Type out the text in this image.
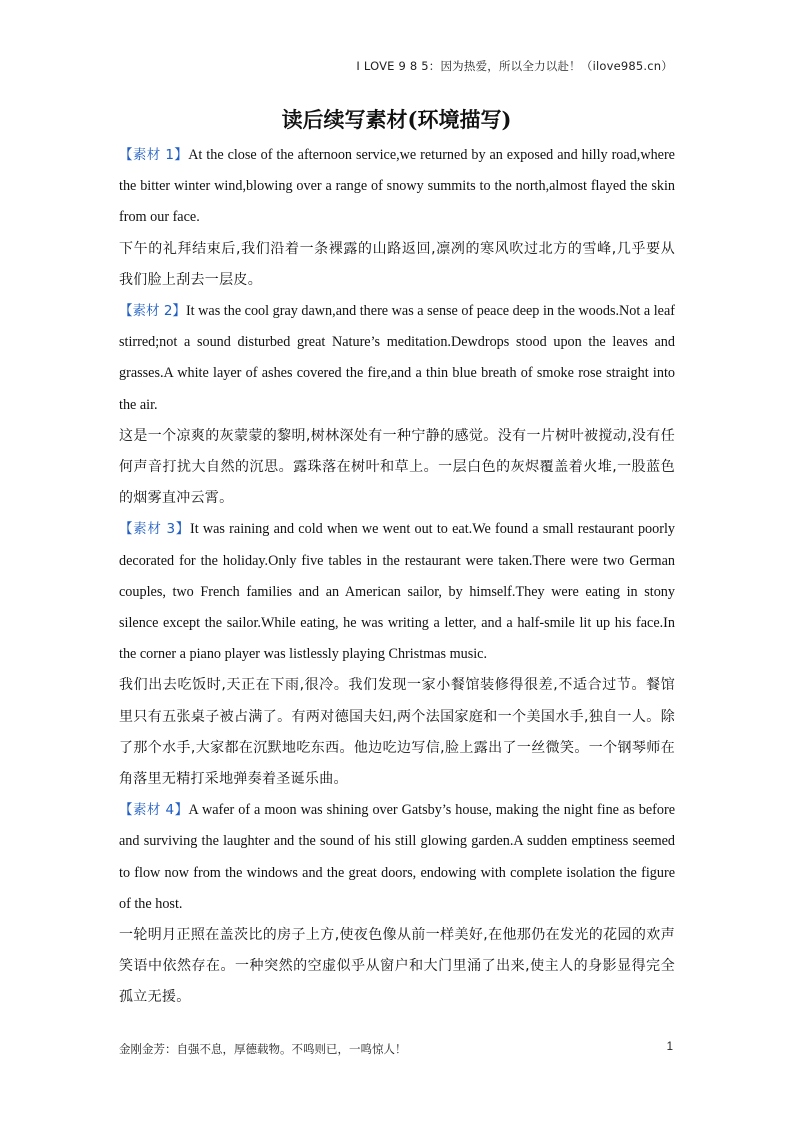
I LOVE 9 8 5：因为热爱，所以全力以赴！（ilove985.cn）
读后续写素材(环境描写)

【素材 1】At the close of the afternoon service,we returned by an exposed and hilly road,where the bitter winter wind,blowing over a range of snowy summits to the north,almost flayed the skin from our face.

下午的礼拜结束后,我们沿着一条裸露的山路返回,凛冽的寒风吹过北方的雪峰,几乎要从我们脸上刮去一层皮。

【素材 2】It was the cool gray dawn,and there was a sense of peace deep in the woods.Not a leaf stirred;not a sound disturbed great Nature’s meditation.Dewdrops stood upon the leaves and grasses.A white layer of ashes covered the fire,and a thin blue breath of smoke rose straight into the air.

这是一个凉爽的灰蒙蒙的黎明,树林深处有一种宁静的感觉。没有一片树叶被搅动,没有任何声音打扰大自然的沉思。露珠落在树叶和草上。一层白色的灰烬覆盖着火堆,一股蓝色的烟雾直冲云霄。

【素材 3】It was raining and cold when we went out to eat.We found a small restaurant poorly decorated for the holiday.Only five tables in the restaurant were taken.There were two German couples, two French families and an American sailor, by himself.They were eating in stony silence except the sailor.While eating, he was writing a letter, and a half-smile lit up his face.In the corner a piano player was listlessly playing Christmas music.

我们出去吃饭时,天正在下雨,很冷。我们发现一家小餐馆装修得很差,不适合过节。餐馆里只有五张桌子被占满了。有两对德国夫妇,两个法国家庭和一个美国水手,独自一人。除了那个水手,大家都在沉默地吃东西。他边吃边写信,脸上露出了一丝微笑。一个钢琴师在角落里无精打采地弹奏着圣诞乐曲。

【素材 4】A wafer of a moon was shining over Gatsby’s house, making the night fine as before and surviving the laughter and the sound of his still glowing garden.A sudden emptiness seemed to flow now from the windows and the great doors, endowing with complete isolation the figure of the host.

一轮明月正照在盖茨比的房子上方,使夜色像从前一样美好,在他那仍在发光的花园的欢声笑语中依然存在。一种突然的空虚似乎从窗户和大门里涌了出来,使主人的身影显得完全孤立无援。

金刚金芳：自强不息，厚德载物。不鸣则已，一鸣惊人！	1
